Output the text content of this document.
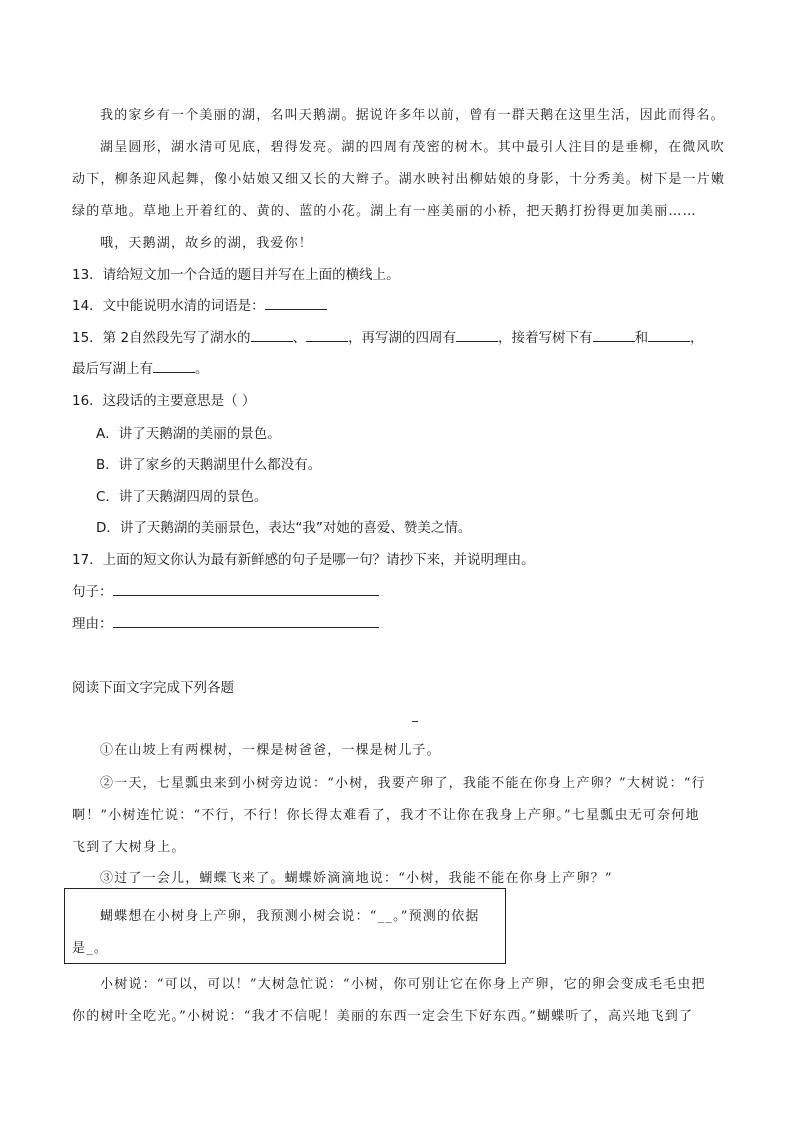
我的家乡有一个美丽的湖，名叫天鹅湖。据说许多年以前，曾有一群天鹅在这里生活，因此而得名。
湖呈圆形，湖水清可见底，碧得发亮。湖的四周有茂密的树木。其中最引人注目的是垂柳，在微风吹
动下，柳条迎风起舞，像小姑娘又细又长的大辫子。湖水映衬出柳姑娘的身影，十分秀美。树下是一片嫩
绿的草地。草地上开着红的、黄的、蓝的小花。湖上有一座美丽的小桥，把天鹅打扮得更加美丽……
哦，天鹅湖，故乡的湖，我爱你！
13．请给短文加一个合适的题目并写在上面的横线上。
14．文中能说明水清的词语是：
15．第 2自然段先写了湖水的	、	，再写湖的四周有	，接着写树下有	和	，
最后写湖上有	。
16．这段话的主要意思是（ ）
A．讲了天鹅湖的美丽的景色。
B．讲了家乡的天鹅湖里什么都没有。
C．讲了天鹅湖四周的景色。
D．讲了天鹅湖的美丽景色，表达“我”对她的喜爱、赞美之情。
17．上面的短文你认为最有新鲜感的句子是哪一句？请抄下来，并说明理由。
句子：
理由：
阅读下面文字完成下列各题
①在山坡上有两棵树，一棵是树爸爸，一棵是树儿子。
②一天，七星瓢虫来到小树旁边说：“小树，我要产卵了，我能不能在你身上产卵？”大树说：“行
啊！”小树连忙说：“不行，不行！你长得太难看了，我才不让你在我身上产卵。”七星瓢虫无可奈何地
飞到了大树身上。
③过了一会儿，蝴蝶飞来了。蝴蝶娇滴滴地说：“小树，我能不能在你身上产卵？”
蝴蝶想在小树身上产卵，我预测小树会说：“__。”预测的依据
是_。
小树说：“可以，可以！”大树急忙说：“小树，你可别让它在你身上产卵，它的卵会变成毛毛虫把
你的树叶全吃光。”小树说：“我才不信呢！美丽的东西一定会生下好东西。”蝴蝶听了，高兴地飞到了
